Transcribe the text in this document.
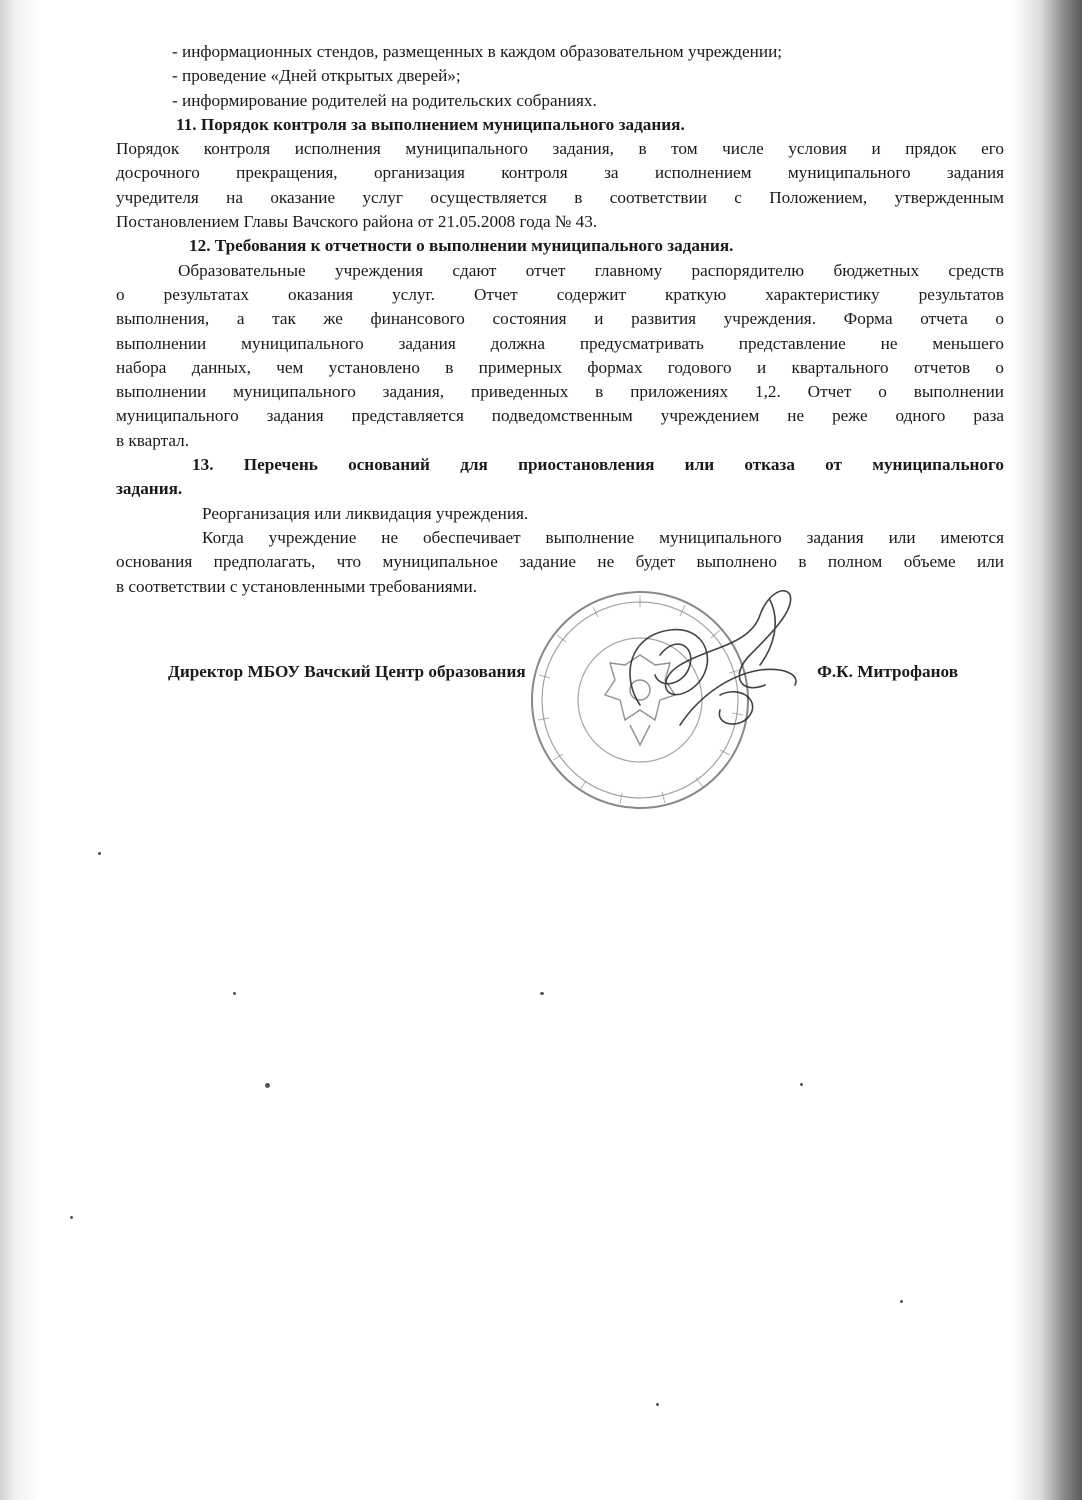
- информационных стендов, размещенных в каждом образовательном учреждении;
- проведение «Дней открытых дверей»;
- информирование родителей на родительских собраниях.
11. Порядок контроля за выполнением муниципального задания.
Порядок контроля исполнения муниципального задания, в том числе условия и прядок его
досрочного прекращения, организация контроля за исполнением муниципального задания
учредителя на оказание услуг осуществляется в соответствии с Положением, утвержденным
Постановлением Главы Вачского района от 21.05.2008 года № 43.
12. Требования к отчетности о выполнении муниципального задания.
Образовательные учреждения сдают отчет главному распорядителю бюджетных средств
о результатах оказания услуг. Отчет содержит краткую характеристику результатов
выполнения, а так же финансового состояния и развития учреждения. Форма отчета о
выполнении муниципального задания должна предусматривать представление не меньшего
набора данных, чем установлено в примерных формах годового и квартального отчетов о
выполнении муниципального задания, приведенных в приложениях 1,2. Отчет о выполнении
муниципального задания представляется подведомственным учреждением не реже одного раза
в квартал.
13. Перечень оснований для приостановления или отказа от муниципального
задания.
Реорганизация или ликвидация учреждения.
Когда учреждение не обеспечивает выполнение муниципального задания или имеются
основания предполагать, что муниципальное задание не будет выполнено в полном объеме или
в соответствии с установленными требованиями.
Директор МБОУ Вачский Центр образования	Ф.К. Митрофанов
